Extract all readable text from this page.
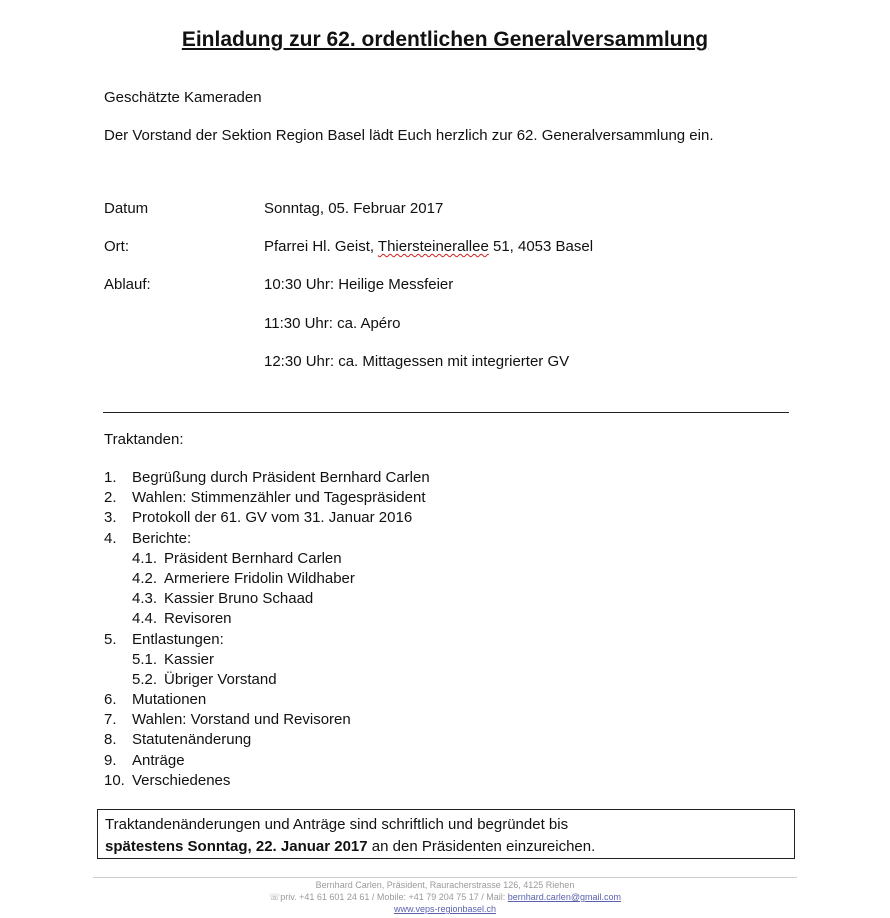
Einladung zur 62. ordentlichen Generalversammlung
Geschätzte Kameraden
Der Vorstand der Sektion Region Basel lädt Euch herzlich zur 62. Generalversammlung ein.
Datum	Sonntag, 05. Februar 2017
Ort:	Pfarrei Hl. Geist, Thiersteinerallee 51, 4053 Basel
Ablauf:	10:30 Uhr: Heilige Messfeier
11:30 Uhr: ca. Apéro
12:30 Uhr: ca. Mittagessen mit integrierter GV
Traktanden:
1. Begrüßung durch Präsident Bernhard Carlen
2. Wahlen: Stimmenzähler und Tagespräsident
3. Protokoll der 61. GV vom 31. Januar 2016
4. Berichte:
4.1. Präsident Bernhard Carlen
4.2. Armeriere Fridolin Wildhaber
4.3. Kassier Bruno Schaad
4.4. Revisoren
5. Entlastungen:
5.1. Kassier
5.2. Übriger Vorstand
6. Mutationen
7. Wahlen: Vorstand und Revisoren
8. Statutenänderung
9. Anträge
10. Verschiedenes
Traktandenänderungen und Anträge sind schriftlich und begründet bis
spätestens Sonntag, 22. Januar 2017 an den Präsidenten einzureichen.
Bernhard Carlen, Präsident, Rauracherstrasse 126, 4125 Riehen
☏priv. +41 61 601 24 61 / Mobile: +41 79 204 75 17 / Mail: bernhard.carlen@gmail.com
www.veps-regionbasel.ch
